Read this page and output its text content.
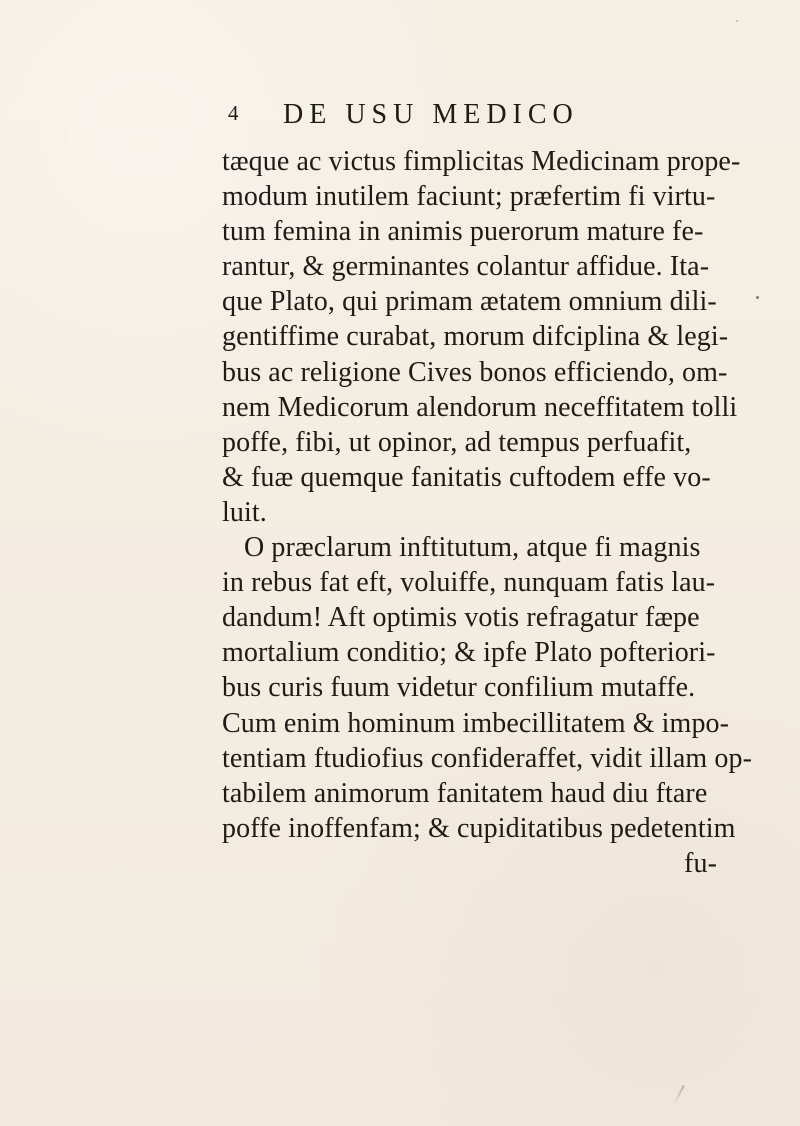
4 DE USU MEDICO
tæque ac victus fimplicitas Medicinam prope-
modum inutilem faciunt; præfertim fi virtu-
tum femina in animis puerorum mature fe-
rantur, & germinantes colantur affidue. Ita-
que Plato, qui primam ætatem omnium dili-
gentiffime curabat, morum difciplina & legi-
bus ac religione Cives bonos efficiendo, om-
nem Medicorum alendorum neceffitatem tolli
poffe, fibi, ut opinor, ad tempus perfuafit,
& fuæ quemque fanitatis cuftodem effe vo-
luit.
O præclarum inftitutum, atque fi magnis
in rebus fat eft, voluiffe, nunquam fatis lau-
dandum! Aft optimis votis refragatur fæpe
mortalium conditio; & ipfe Plato pofteriori-
bus curis fuum videtur confilium mutaffe.
Cum enim hominum imbecillitatem & impo-
tentiam ftudiofius confideraffet, vidit illam op-
tabilem animorum fanitatem haud diu ftare
poffe inoffenfam; & cupiditatibus pedetentim
fu-
